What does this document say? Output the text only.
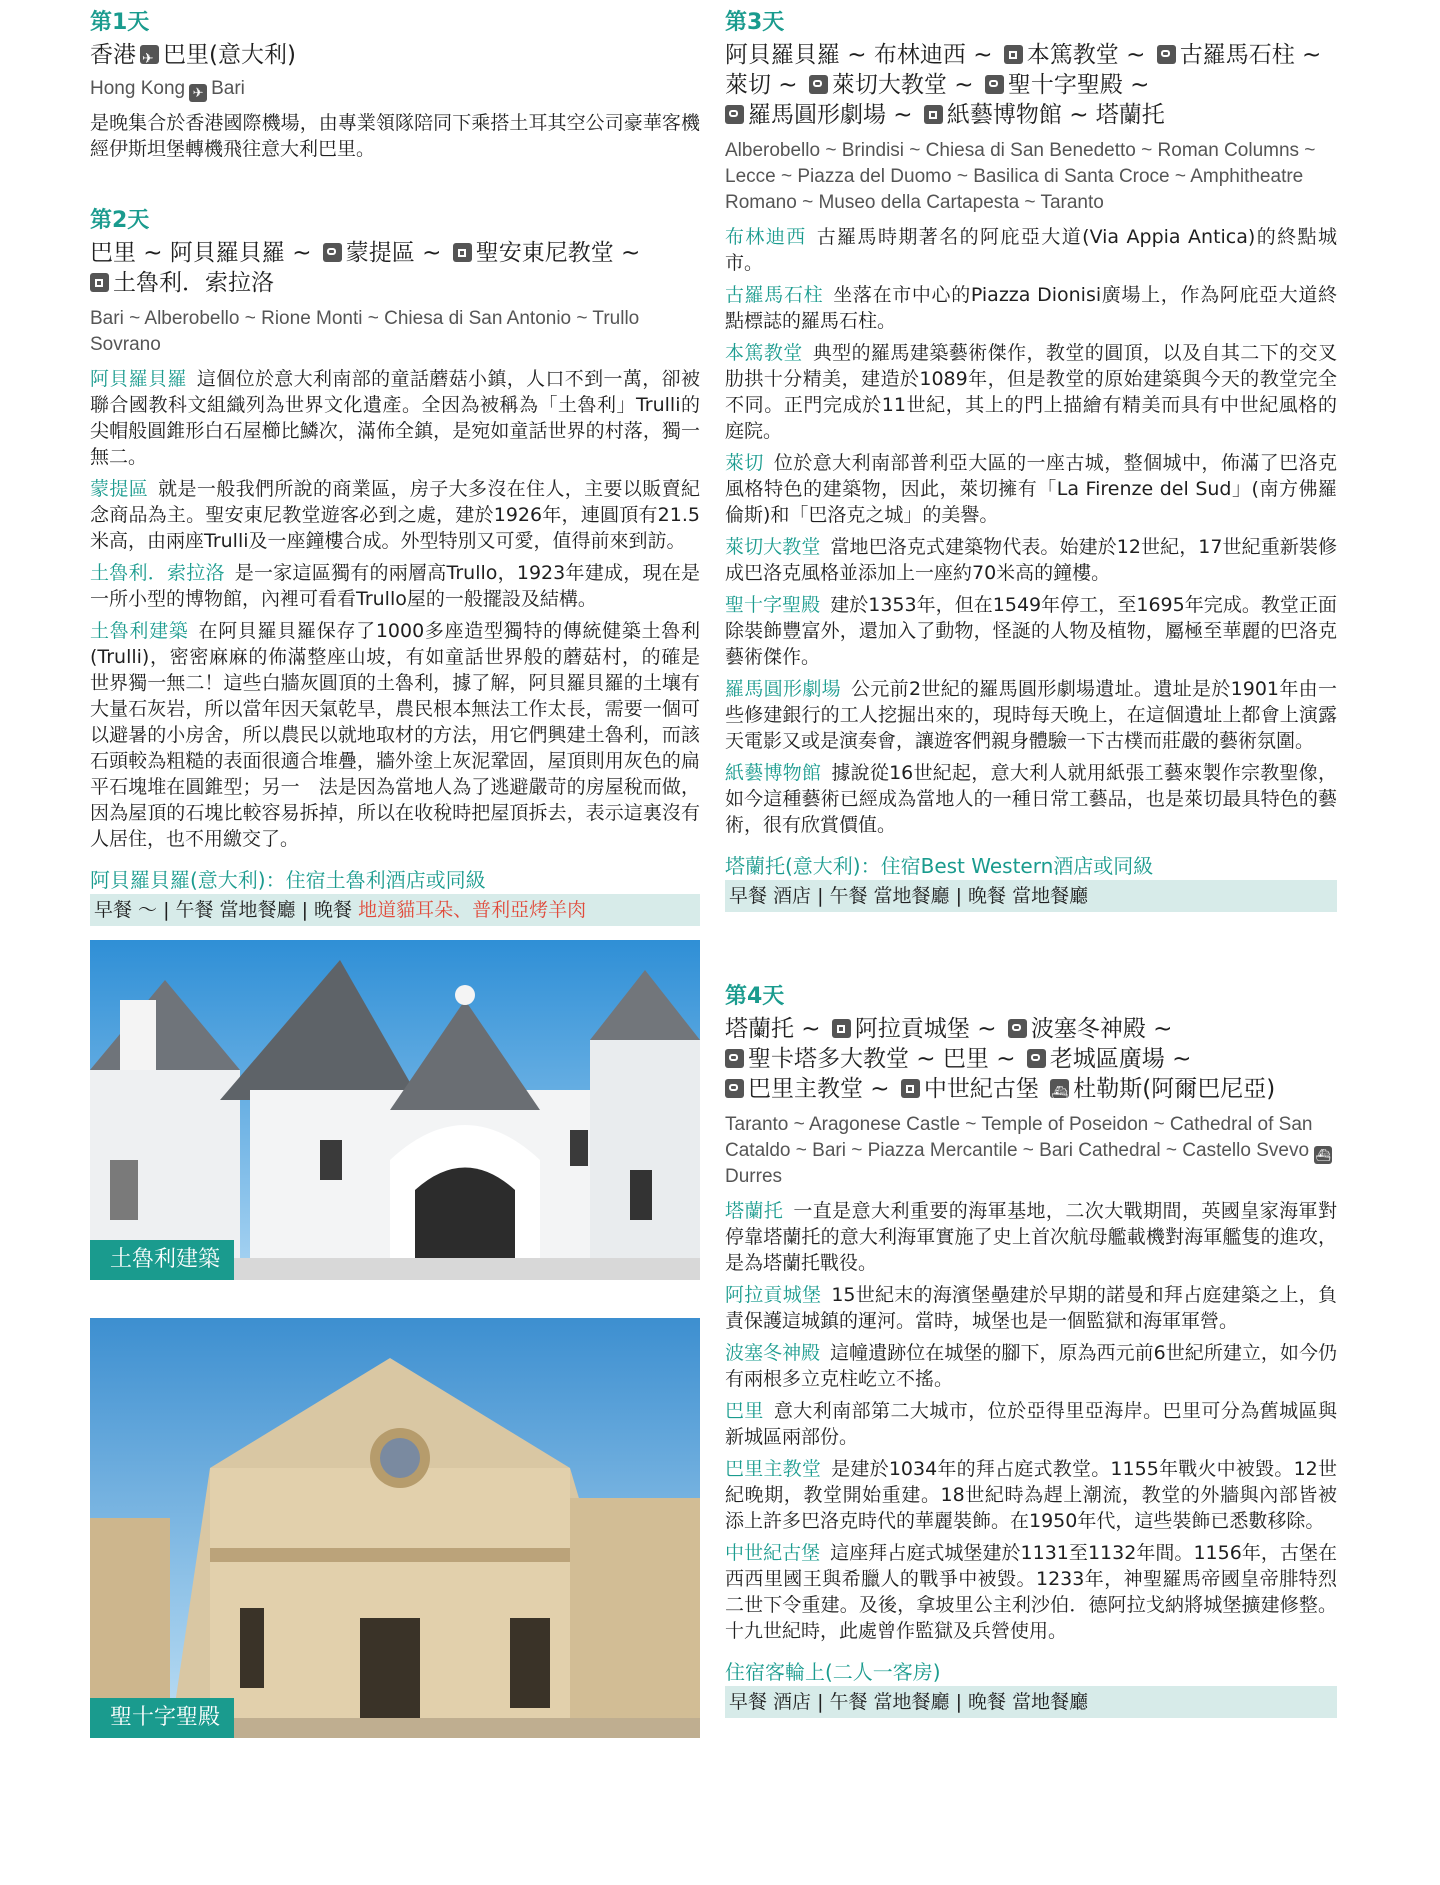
第1天
香港 ✈ 巴里(意大利)
Hong Kong ✈ Bari

是晚集合於香港國際機場，由專業領隊陪同下乘搭土耳其空公司豪華客機經伊斯坦堡轉機飛往意大利巴里。

第2天
巴里 ~ 阿貝羅貝羅 ~ 蒙提區 ~ 聖安東尼教堂 ~
土魯利．索拉洛

Bari ~ Alberobello ~ Rione Monti ~ Chiesa di San Antonio ~ Trullo Sovrano

阿貝羅貝羅 這個位於意大利南部的童話蘑菇小鎮，人口不到一萬，卻被聯合國教科文組織列為世界文化遺產。全因為被稱為「土魯利」Trulli的尖帽般圓錐形白石屋櫛比鱗次，滿佈全鎮，是宛如童話世界的村落，獨一無二。

蒙提區 就是一般我們所說的商業區，房子大多沒在住人，主要以販賣紀念商品為主。聖安東尼教堂遊客必到之處，建於1926年，連圓頂有21.5米高，由兩座Trulli及一座鐘樓合成。外型特別又可愛，值得前來到訪。

土魯利．索拉洛 是一家這區獨有的兩層高Trullo，1923年建成，現在是一所小型的博物館，內裡可看看Trullo屋的一般擺設及結構。

土魯利建築 在阿貝羅貝羅保存了1000多座造型獨特的傳統健築土魯利(Trulli)，密密麻麻的佈滿整座山坡，有如童話世界般的蘑菇村，的確是世界獨一無二！這些白牆灰圓頂的土魯利，據了解，阿貝羅貝羅的土壤有大量石灰岩，所以當年因天氣乾旱，農民根本無法工作太長，需要一個可以避暑的小房舍，所以農民以就地取材的方法，用它們興建土魯利，而該石頭較為粗糙的表面很適合堆疊，牆外塗上灰泥鞏固，屋頂則用灰色的扁平石塊堆在圓錐型；另一　法是因為當地人為了逃避嚴苛的房屋稅而做，因為屋頂的石塊比較容易拆掉，所以在收稅時把屋頂拆去，表示這裏沒有人居住，也不用繳交了。

阿貝羅貝羅(意大利)：住宿土魯利酒店或同級

早餐 ～ | 午餐 當地餐廳 | 晚餐 地道貓耳朵、普利亞烤羊肉

土魯利建築
聖十字聖殿
第3天
阿貝羅貝羅 ~ 布林迪西 ~ 本篤教堂 ~ 古羅馬石柱 ~
萊切 ~ 萊切大教堂 ~ 聖十字聖殿 ~
羅馬圓形劇場 ~ 紙藝博物館 ~ 塔蘭托

Alberobello ~ Brindisi ~ Chiesa di San Benedetto ~ Roman Columns ~ Lecce ~ Piazza del Duomo ~ Basilica di Santa Croce ~ Amphitheatre Romano ~ Museo della Cartapesta ~ Taranto

布林迪西 古羅馬時期著名的阿庇亞大道(Via Appia Antica)的終點城市。

古羅馬石柱 坐落在市中心的Piazza Dionisi廣場上，作為阿庇亞大道終點標誌的羅馬石柱。

本篤教堂 典型的羅馬建築藝術傑作，教堂的圓頂，以及自其二下的交叉肋拱十分精美，建造於1089年，但是教堂的原始建築與今天的教堂完全不同。正門完成於11世紀，其上的門上描繪有精美而具有中世紀風格的庭院。

萊切 位於意大利南部普利亞大區的一座古城，整個城中，佈滿了巴洛克風格特色的建築物，因此，萊切擁有「La Firenze del Sud」(南方佛羅倫斯)和「巴洛克之城」的美譽。

萊切大教堂 當地巴洛克式建築物代表。始建於12世紀，17世紀重新裝修成巴洛克風格並添加上一座約70米高的鐘樓。

聖十字聖殿 建於1353年，但在1549年停工，至1695年完成。教堂正面除裝飾豐富外，還加入了動物，怪誕的人物及植物，屬極至華麗的巴洛克藝術傑作。

羅馬圓形劇場 公元前2世紀的羅馬圓形劇場遺址。遺址是於1901年由一些修建銀行的工人挖掘出來的，現時每天晚上，在這個遺址上都會上演露天電影又或是演奏會，讓遊客們親身體驗一下古樸而莊嚴的藝術氛圍。

紙藝博物館 據說從16世紀起，意大利人就用紙張工藝來製作宗教聖像，如今這種藝術已經成為當地人的一種日常工藝品，也是萊切最具特色的藝術，很有欣賞價值。

塔蘭托(意大利)：住宿Best Western酒店或同級

早餐 酒店 | 午餐 當地餐廳 | 晚餐 當地餐廳

第4天
塔蘭托 ~ 阿拉貢城堡 ~ 波塞冬神殿 ~
聖卡塔多大教堂 ~ 巴里 ~ 老城區廣場 ~
巴里主教堂 ~ 中世紀古堡 ⛴ 杜勒斯(阿爾巴尼亞)

Taranto ~ Aragonese Castle ~ Temple of Poseidon ~ Cathedral of San Cataldo ~ Bari ~ Piazza Mercantile ~ Bari Cathedral ~ Castello Svevo ⛴ Durres

塔蘭托 一直是意大利重要的海軍基地，二次大戰期間，英國皇家海軍對停靠塔蘭托的意大利海軍實施了史上首次航母艦載機對海軍艦隻的進攻，是為塔蘭托戰役。

阿拉貢城堡 15世紀末的海濱堡壘建於早期的諾曼和拜占庭建築之上，負責保護這城鎮的運河。當時，城堡也是一個監獄和海軍軍營。

波塞冬神殿 這幢遺跡位在城堡的腳下，原為西元前6世紀所建立，如今仍有兩根多立克柱屹立不搖。

巴里 意大利南部第二大城市，位於亞得里亞海岸。巴里可分為舊城區與新城區兩部份。

巴里主教堂 是建於1034年的拜占庭式教堂。1155年戰火中被毀。12世紀晚期，教堂開始重建。18世紀時為趕上潮流，教堂的外牆與內部皆被添上許多巴洛克時代的華麗裝飾。在1950年代，這些裝飾已悉數移除。

中世紀古堡 這座拜占庭式城堡建於1131至1132年間。1156年，古堡在西西里國王與希臘人的戰爭中被毀。1233年，神聖羅馬帝國皇帝腓特烈二世下令重建。及後，拿坡里公主利沙伯．德阿拉戈納將城堡擴建修整。十九世紀時，此處曾作監獄及兵營使用。

住宿客輪上(二人一客房)

早餐 酒店 | 午餐 當地餐廳 | 晚餐 當地餐廳
